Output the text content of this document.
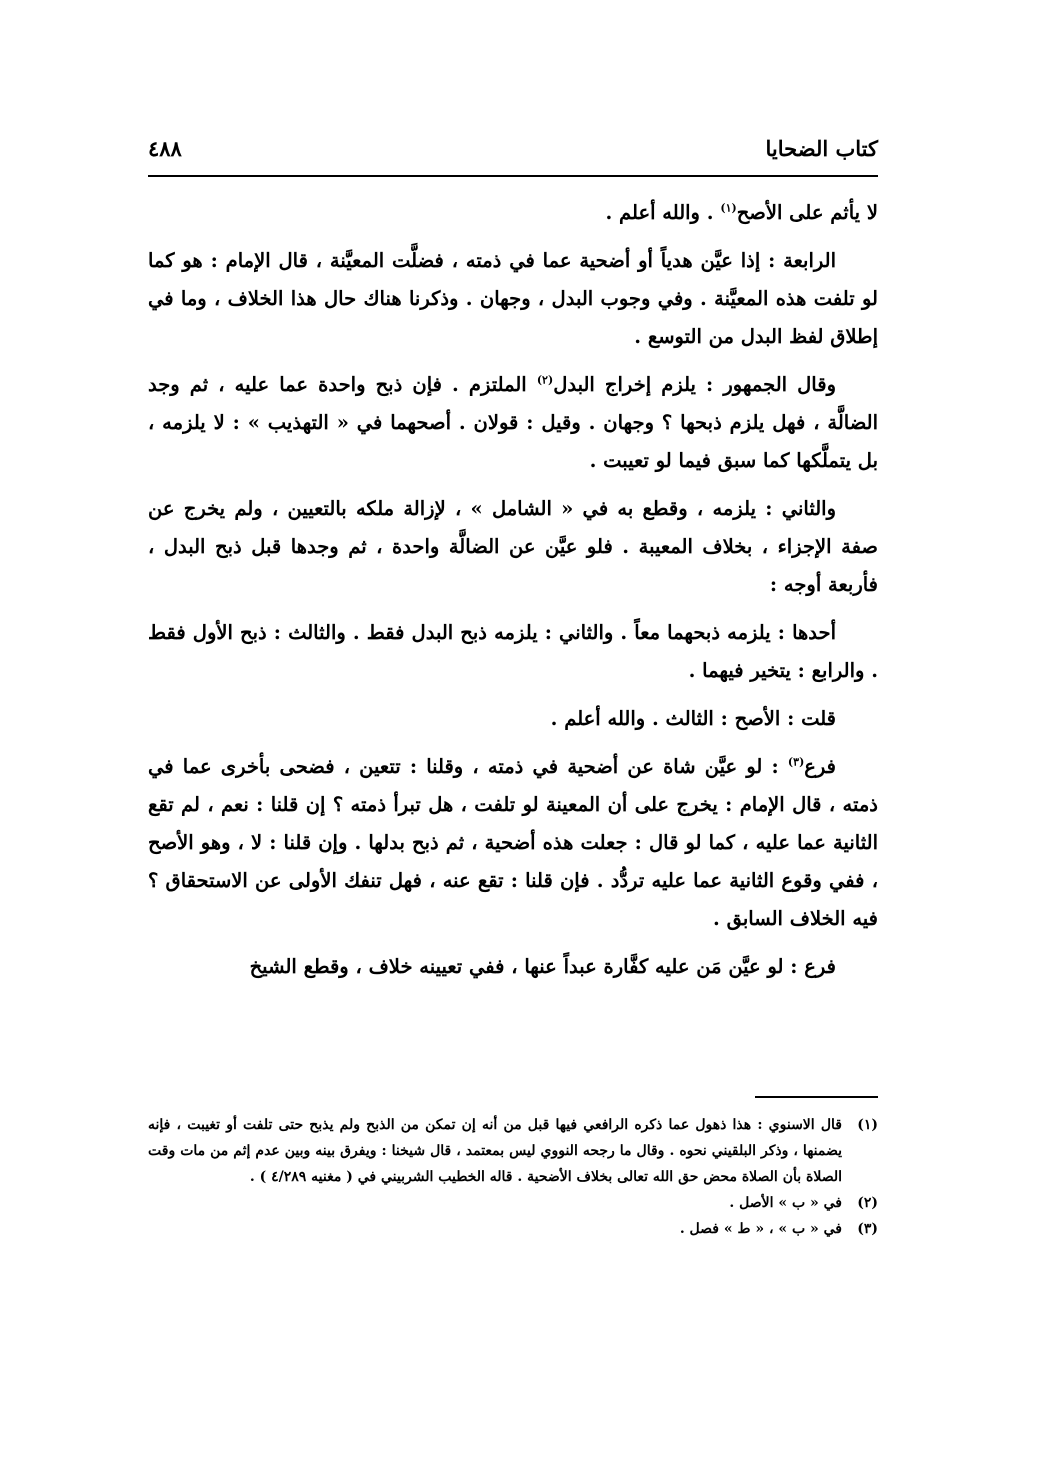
كتاب الضحايا
٤٨٨

لا يأثم على الأصح$^{(١)}$ . والله أعلم .

الرابعة : إذا عيَّن هدياً أو أضحية عما في ذمته ، فضلَّت المعيَّنة ، قال الإمام : هو كما لو تلفت هذه المعيَّنة . وفي وجوب البدل ، وجهان . وذكرنا هناك حال هذا الخلاف ، وما في إطلاق لفظ البدل من التوسع .

وقال الجمهور : يلزم إخراج البدل$^{(٢)}$ الملتزم . فإن ذبح واحدة عما عليه ، ثم وجد الضالَّة ، فهل يلزم ذبحها ؟ وجهان . وقيل : قولان . أصحهما في « التهذيب » : لا يلزمه ، بل يتملَّكها كما سبق فيما لو تعيبت .

والثاني : يلزمه ، وقطع به في « الشامل » ، لإزالة ملكه بالتعيين ، ولم يخرج عن صفة الإجزاء ، بخلاف المعيبة . فلو عيَّن عن الضالَّة واحدة ، ثم وجدها قبل ذبح البدل ، فأربعة أوجه :

أحدها : يلزمه ذبحهما معاً . والثاني : يلزمه ذبح البدل فقط . والثالث : ذبح الأول فقط . والرابع : يتخير فيهما .

قلت : الأصح : الثالث . والله أعلم .

فرع$^{(٣)}$ : لو عيَّن شاة عن أضحية في ذمته ، وقلنا : تتعين ، فضحى بأخرى عما في ذمته ، قال الإمام : يخرج على أن المعينة لو تلفت ، هل تبرأ ذمته ؟ إن قلنا : نعم ، لم تقع الثانية عما عليه ، كما لو قال : جعلت هذه أضحية ، ثم ذبح بدلها . وإن قلنا : لا ، وهو الأصح ، ففي وقوع الثانية عما عليه تردُّد . فإن قلنا : تقع عنه ، فهل تنفك الأولى عن الاستحقاق ؟ فيه الخلاف السابق .

فرع : لو عيَّن مَن عليه كفَّارة عبداً عنها ، ففي تعيينه خلاف ، وقطع الشيخ

(١)
قال الاسنوي : هذا ذهول عما ذكره الرافعي فيها قبل من أنه إن تمكن من الذبح ولم يذبح حتى تلفت أو تغيبت ، فإنه يضمنها ، وذكر البلقيني نحوه . وقال ما رجحه النووي ليس بمعتمد ، قال شيخنا : ويفرق بينه وبين عدم إثم من مات وقت الصلاة بأن الصلاة محض حق الله تعالى بخلاف الأضحية . قاله الخطيب الشربيني في ( مغنيه ٤/٢٨٩ ) .
(٢)
في « ب » الأصل .
(٣)
في « ب » ، « ط » فصل .
